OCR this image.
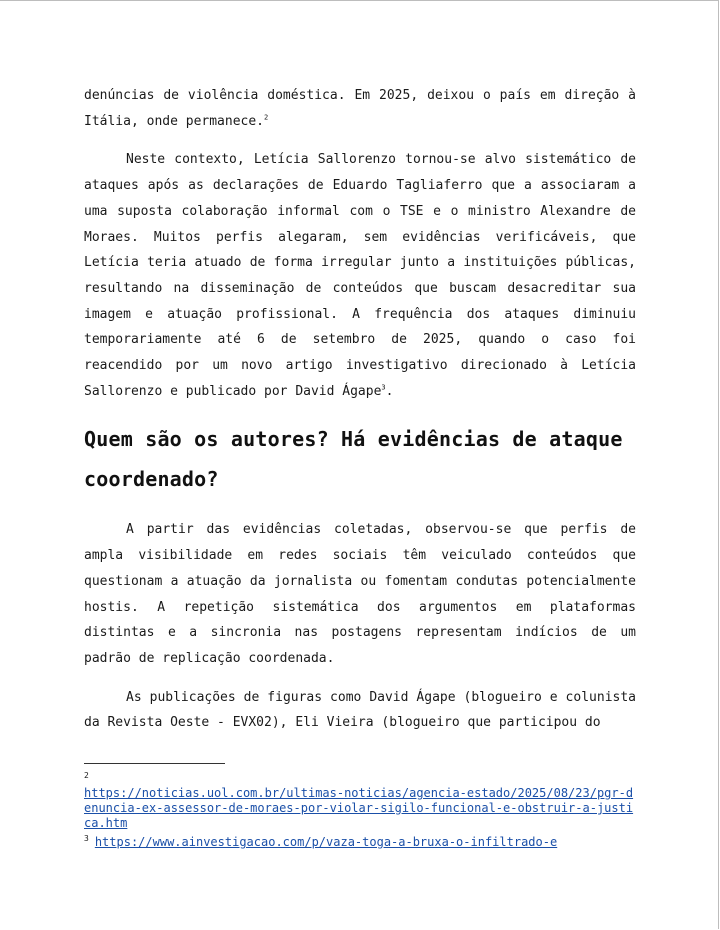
denúncias de violência doméstica. Em 2025, deixou o país em direção à Itália, onde permanece.$^2$

Neste contexto, Letícia Sallorenzo tornou-se alvo sistemático de ataques após as declarações de Eduardo Tagliaferro que a associaram a uma suposta colaboração informal com o TSE e o ministro Alexandre de Moraes. Muitos perfis alegaram, sem evidências verificáveis, que Letícia teria atuado de forma irregular junto a instituições públicas, resultando na disseminação de conteúdos que buscam desacreditar sua imagem e atuação profissional. A frequência dos ataques diminuiu temporariamente até 6 de setembro de 2025, quando o caso foi reacendido por um novo artigo investigativo direcionado à Letícia Sallorenzo e publicado por David Ágape$^3$.

Quem são os autores? Há evidências de ataque coordenado?

A partir das evidências coletadas, observou-se que perfis de ampla visibilidade em redes sociais têm veiculado conteúdos que questionam a atuação da jornalista ou fomentam condutas potencialmente hostis. A repetição sistemática dos argumentos em plataformas distintas e a sincronia nas postagens representam indícios de um padrão de replicação coordenada.

As publicações de figuras como David Ágape (blogueiro e colunista da Revista Oeste - EVX02), Eli Vieira (blogueiro que participou do

2
https://noticias.uol.com.br/ultimas-noticias/agencia-estado/2025/08/23/pgr-denuncia-ex-assessor-de-moraes-por-violar-sigilo-funcional-e-obstruir-a-justica.htm
$^3$ https://www.ainvestigacao.com/p/vaza-toga-a-bruxa-o-infiltrado-e
